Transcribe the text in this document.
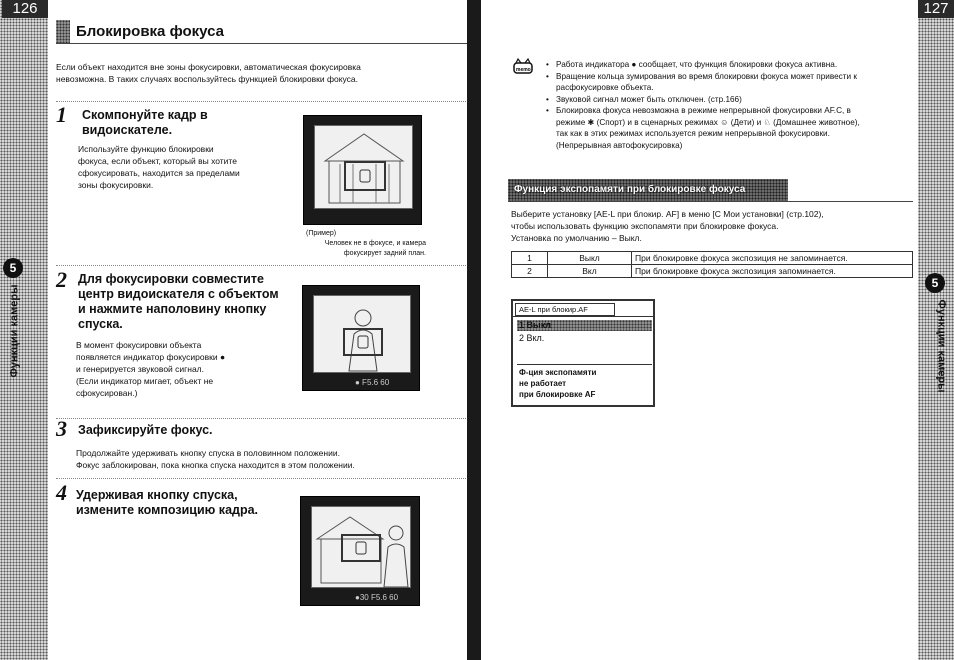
126
5
Функции камеры
Блокировка фокуса
Если объект находится вне зоны фокусировки, автоматическая фокусировка
невозможна. В таких случаях воспользуйтесь функцией блокировки фокуса.
1 Скомпонуйте кадр в
видоискателе.
Используйте функцию блокировки
фокуса, если объект, который вы хотите
сфокусировать, находится за пределами
зоны фокусировки.
(Пример)
Человек не в фокусе, и камера
фокусирует задний план.
2 Для фокусировки совместите
центр видоискателя с объектом
и нажмите наполовину кнопку
спуска.
В момент фокусировки объекта
появляется индикатор фокусировки ●
и генерируется звуковой сигнал.
(Если индикатор мигает, объект не
сфокусирован.)
● F5.6 60
3 Зафиксируйте фокус.
Продолжайте удерживать кнопку спуска в половинном положении.
Фокус заблокирован, пока кнопка спуска находится в этом положении.
4 Удерживая кнопку спуска,
измените композицию кадра.
●30 F5.6 60
127
5
Функции камеры
memo
• Работа индикатора ● сообщает, что функция блокировки фокуса активна.
• Вращение кольца зумирования во время блокировки фокуса может привести к
расфокусировке объекта.
• Звуковой сигнал может быть отключен. (стр.166)
• Блокировка фокуса невозможна в режиме непрерывной фокусировки AF.C, в
режиме ✱ (Спорт) и в сценарных режимах ☺ (Дети) и ♘ (Домашнее животное),
так как в этих режимах используется режим непрерывной фокусировки.
(Непрерывная автофокусировка)
Функция экспопамяти при блокировке фокуса
Выберите установку [AE-L при блокир. AF] в меню [C Мои установки] (стр.102),
чтобы использовать функцию экспопамяти при блокировке фокуса.
Установка по умолчанию – Выкл.
1	Выкл	При блокировке фокуса экспозиция не запоминается.
2	Вкл	При блокировке фокуса экспозиция запоминается.
AE-L при блокир.AF
1 Выкл
2 Вкл.
Ф-ция экспопамяти
не работает
при блокировке AF
